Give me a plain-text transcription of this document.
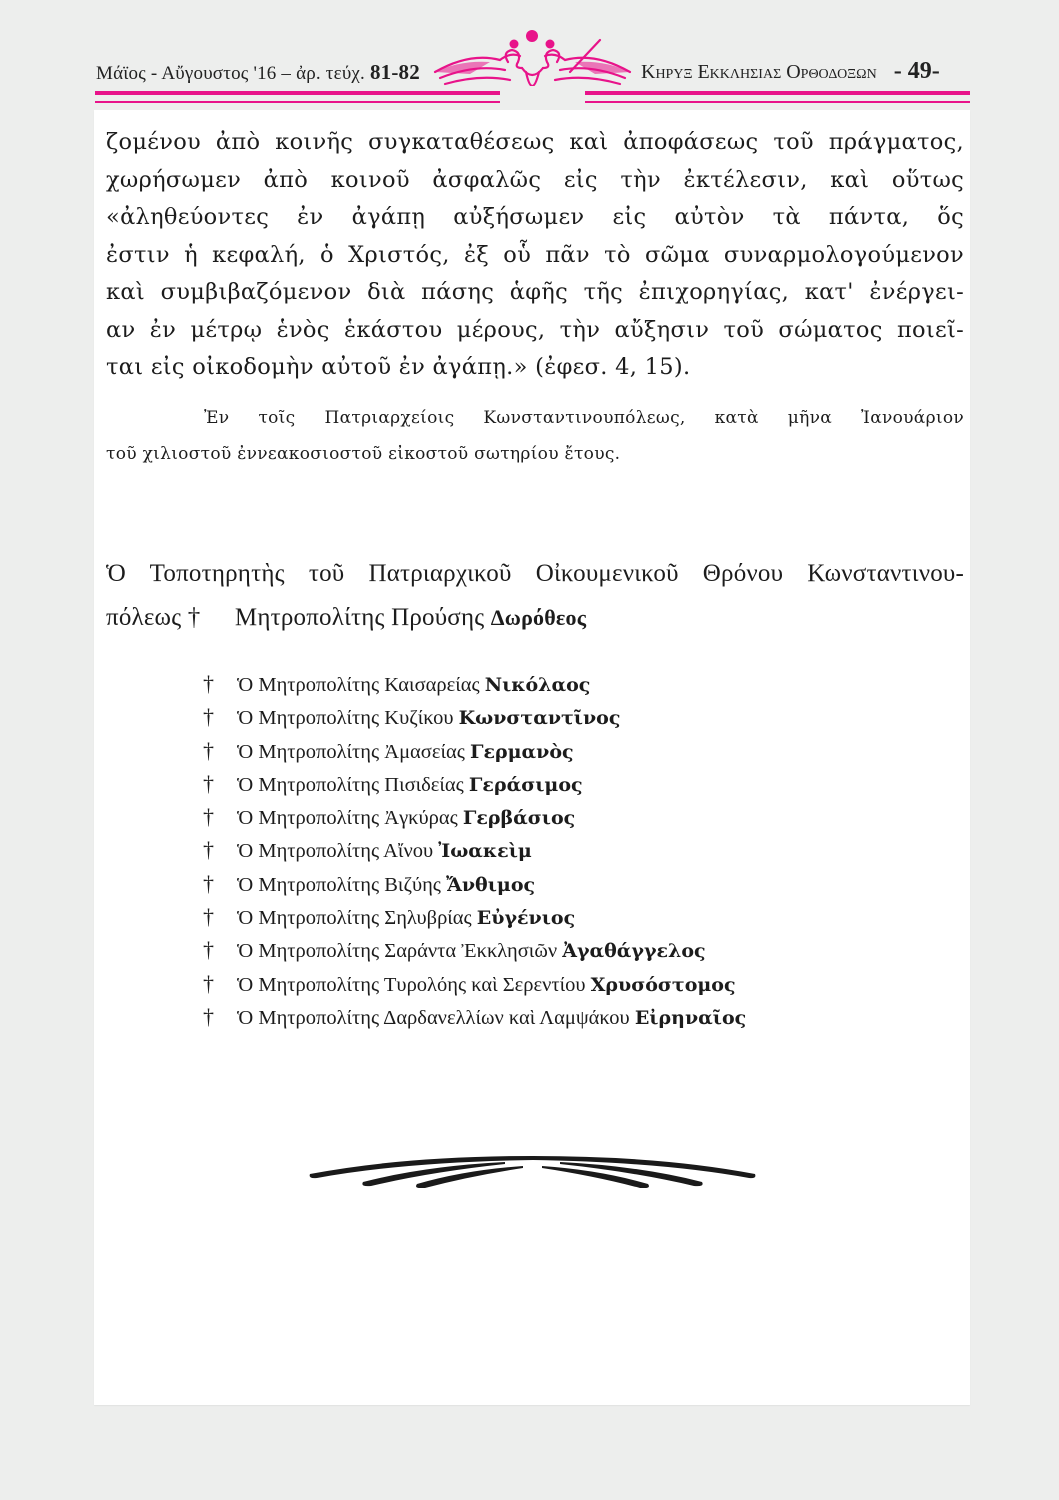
Μάϊος - Αὔγουστος '16 – ἀρ. τεύχ. 81-82	Κηρυξ Εκκλησιας Ορθοδοξων - 49-
ζομένου ἀπὸ κοινῆς συγκαταθέσεως καὶ ἀποφάσεως τοῦ πράγματος,
χωρήσωμεν ἀπὸ κοινοῦ ἀσφαλῶς εἰς τὴν ἐκτέλεσιν, καὶ οὕτως
«ἀληθεύοντες ἐν ἀγάπῃ αὐξήσωμεν εἰς αὐτὸν τὰ πάντα, ὅς
ἐστιν ἡ κεφαλή, ὁ Χριστός, ἐξ οὗ πᾶν τὸ σῶμα συναρμολογούμενον
καὶ συμβιβαζόμενον διὰ πάσης ἁφῆς τῆς ἐπιχορηγίας, κατ' ἐνέργει-
αν ἐν μέτρῳ ἑνὸς ἑκάστου μέρους, τὴν αὔξησιν τοῦ σώματος ποιεῖ-
ται εἰς οἰκοδομὴν αὐτοῦ ἐν ἀγάπῃ.» (ἐφεσ. 4, 15).
Ἐν τοῖς Πατριαρχείοις Κωνσταντινουπόλεως, κατὰ μῆνα Ἰανουάριον
τοῦ χιλιοστοῦ ἐννεακοσιοστοῦ εἰκοστοῦ σωτηρίου ἔτους.
Ὁ Τοποτηρητὴς τοῦ Πατριαρχικοῦ Οἰκουμενικοῦ Θρόνου Κωνσταντινου-
πόλεως † Μητροπολίτης Προύσης Δωρόθεος
† Ὁ Μητροπολίτης Καισαρείας Νικόλαος
† Ὁ Μητροπολίτης Κυζίκου Κωνσταντῖνος
† Ὁ Μητροπολίτης Ἀμασείας Γερμανὸς
† Ὁ Μητροπολίτης Πισιδείας Γεράσιμος
† Ὁ Μητροπολίτης Ἀγκύρας Γερβάσιος
† Ὁ Μητροπολίτης Αἴνου Ἰωακεὶμ
† Ὁ Μητροπολίτης Βιζύης Ἄνθιμος
† Ὁ Μητροπολίτης Σηλυβρίας Εὐγένιος
† Ὁ Μητροπολίτης Σαράντα Ἐκκλησιῶν Ἀγαθάγγελος
† Ὁ Μητροπολίτης Τυρολόης καὶ Σερεντίου Χρυσόστομος
† Ὁ Μητροπολίτης Δαρδανελλίων καὶ Λαμψάκου Εἰρηναῖος
